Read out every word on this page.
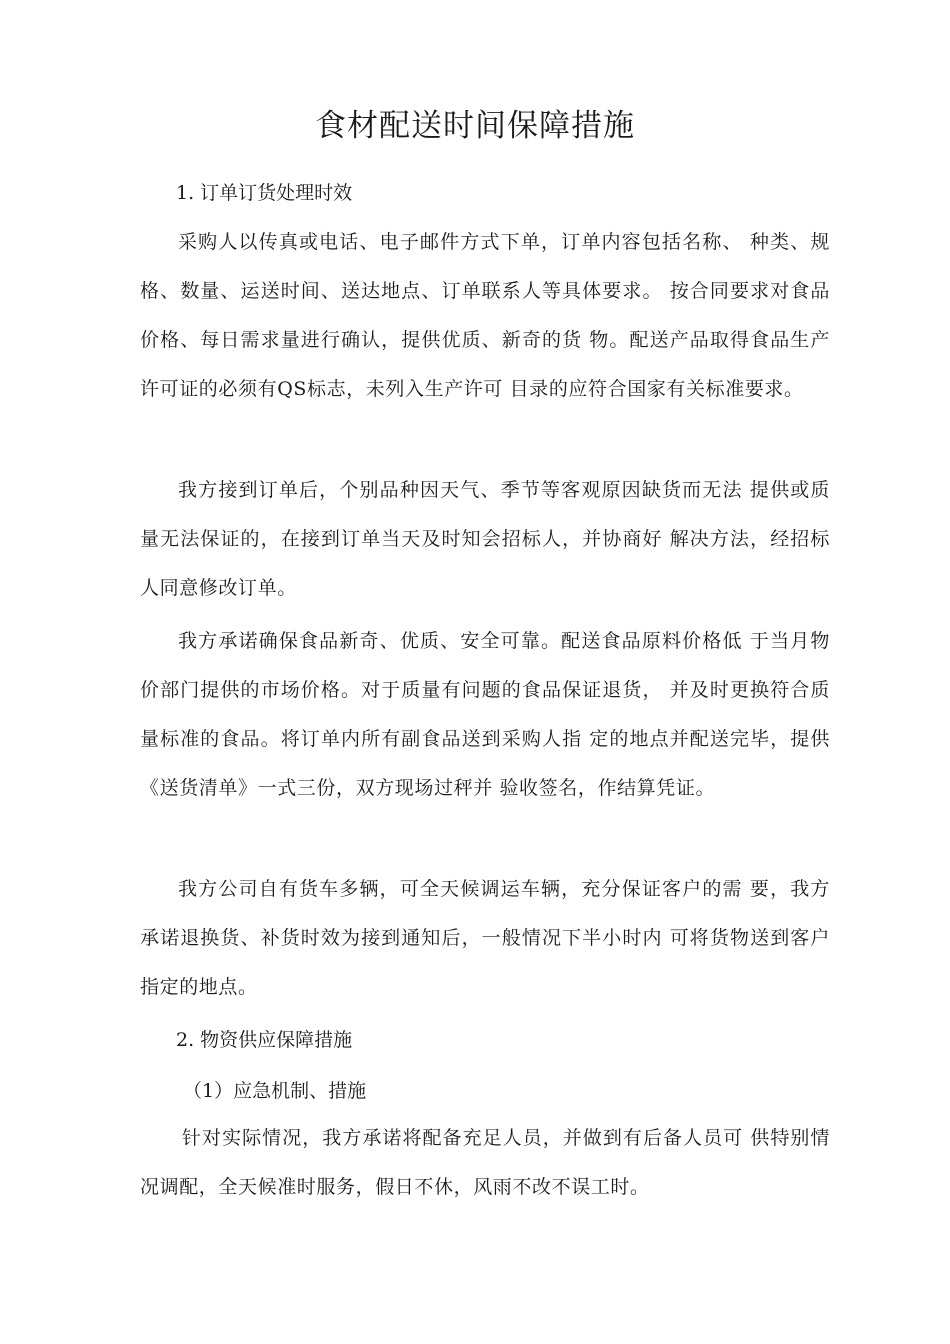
食材配送时间保障措施
1. 订单订货处理时效
采购人以传真或电话、电子邮件方式下单，订单内容包括名称、 种类、规格、数量、运送时间、送达地点、订单联系人等具体要求。 按合同要求对食品价格、每日需求量进行确认，提供优质、新奇的货 物。配送产品取得食品生产许可证的必须有QS标志，未列入生产许可 目录的应符合国家有关标准要求。
我方接到订单后，个别品种因天气、季节等客观原因缺货而无法 提供或质量无法保证的，在接到订单当天及时知会招标人，并协商好 解决方法，经招标人同意修改订单。
我方承诺确保食品新奇、优质、安全可靠。配送食品原料价格低 于当月物价部门提供的市场价格。对于质量有问题的食品保证退货， 并及时更换符合质量标准的食品。将订单内所有副食品送到采购人指 定的地点并配送完毕，提供《送货清单》一式三份，双方现场过秤并 验收签名，作结算凭证。
我方公司自有货车多辆，可全天候调运车辆，充分保证客户的需 要，我方承诺退换货、补货时效为接到通知后，一般情况下半小时内 可将货物送到客户指定的地点。
2. 物资供应保障措施
（1）应急机制、措施
针对实际情况，我方承诺将配备充足人员，并做到有后备人员可 供特别情况调配，全天候准时服务，假日不休，风雨不改不误工时。
